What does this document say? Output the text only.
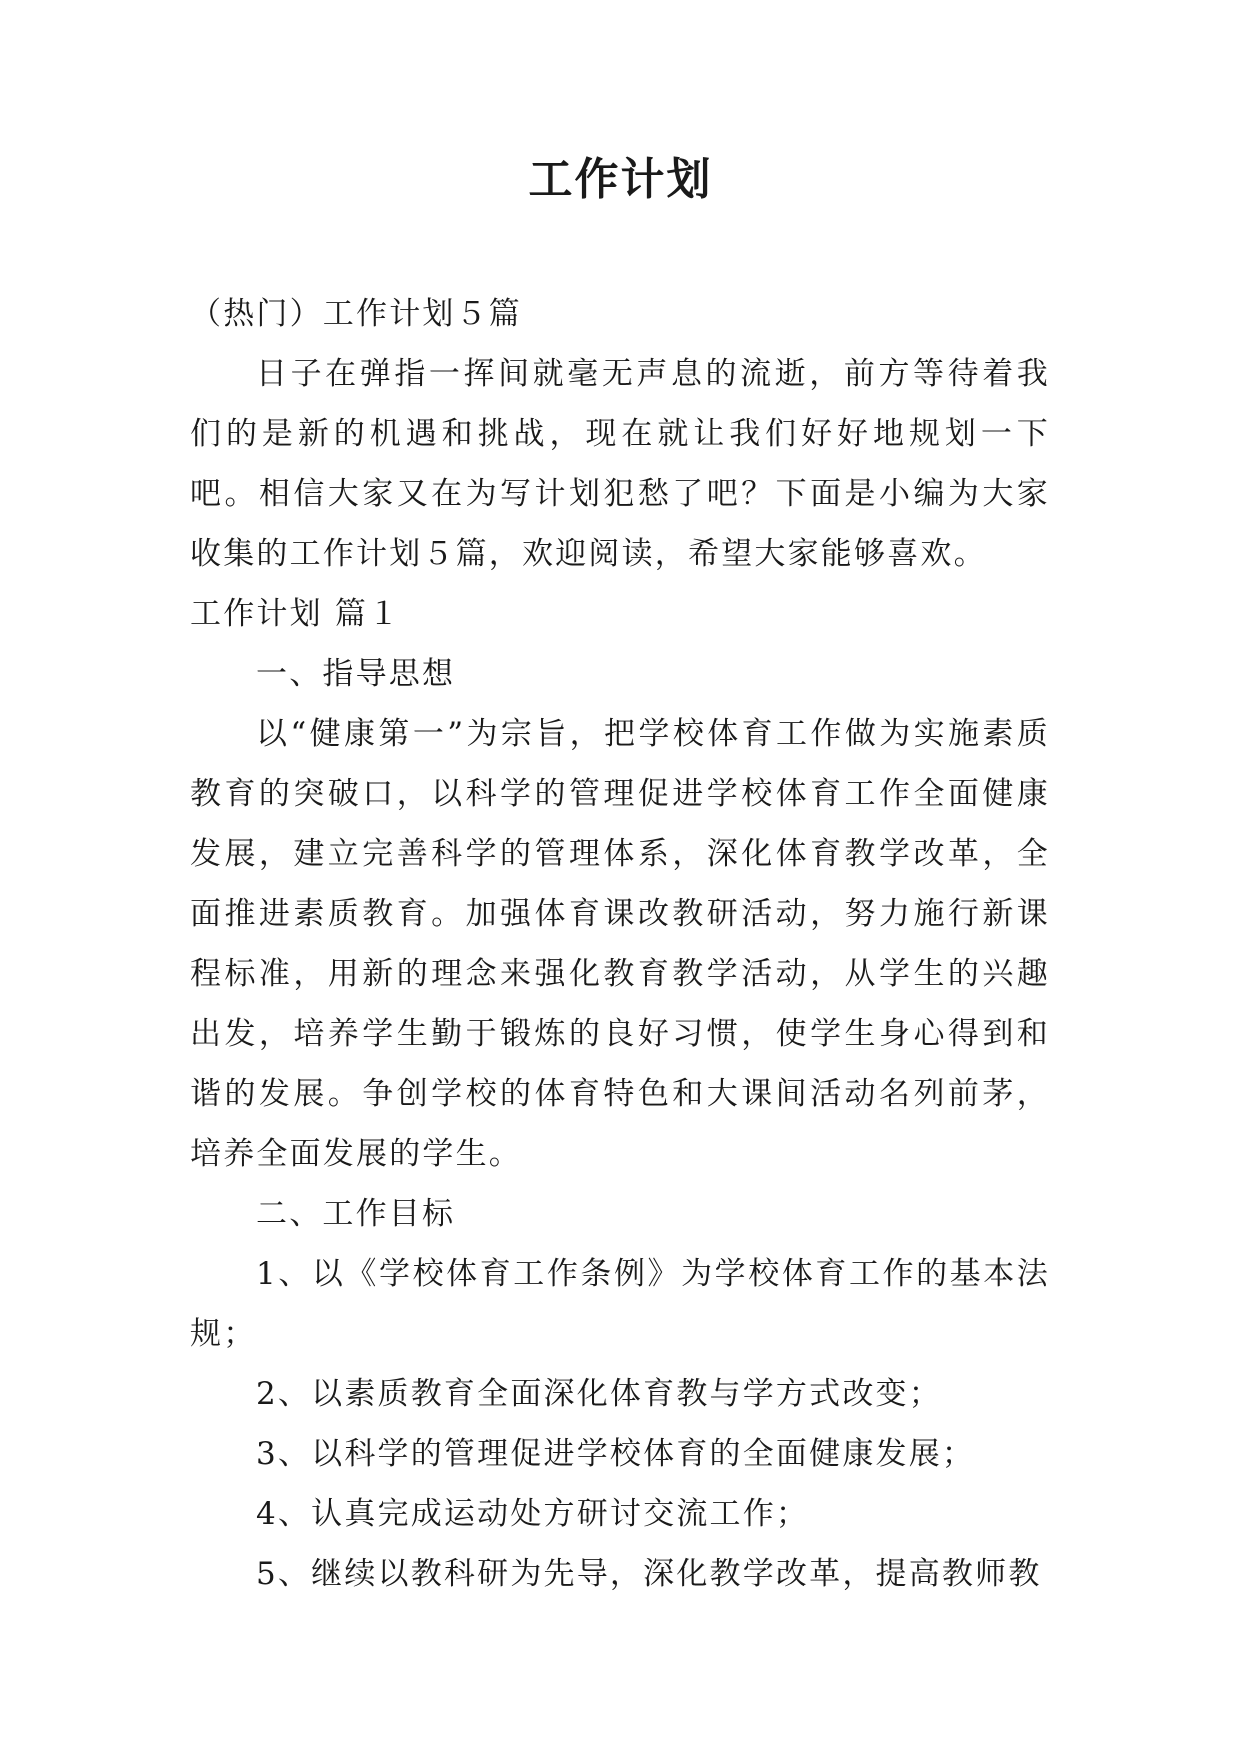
工作计划

（热门）工作计划５篇

日子在弹指一挥间就毫无声息的流逝，前方等待着我们的是新的机遇和挑战，现在就让我们好好地规划一下吧。相信大家又在为写计划犯愁了吧？下面是小编为大家收集的工作计划５篇，欢迎阅读，希望大家能够喜欢。

工作计划 篇１

一、指导思想

以“健康第一”为宗旨，把学校体育工作做为实施素质教育的突破口，以科学的管理促进学校体育工作全面健康发展，建立完善科学的管理体系，深化体育教学改革，全面推进素质教育。加强体育课改教研活动，努力施行新课程标准，用新的理念来强化教育教学活动，从学生的兴趣出发，培养学生勤于锻炼的良好习惯，使学生身心得到和谐的发展。争创学校的体育特色和大课间活动名列前茅，培养全面发展的学生。

二、工作目标

1、以《学校体育工作条例》为学校体育工作的基本法规；

2、以素质教育全面深化体育教与学方式改变；

3、以科学的管理促进学校体育的全面健康发展；

4、认真完成运动处方研讨交流工作；

5、继续以教科研为先导，深化教学改革，提高教师教
